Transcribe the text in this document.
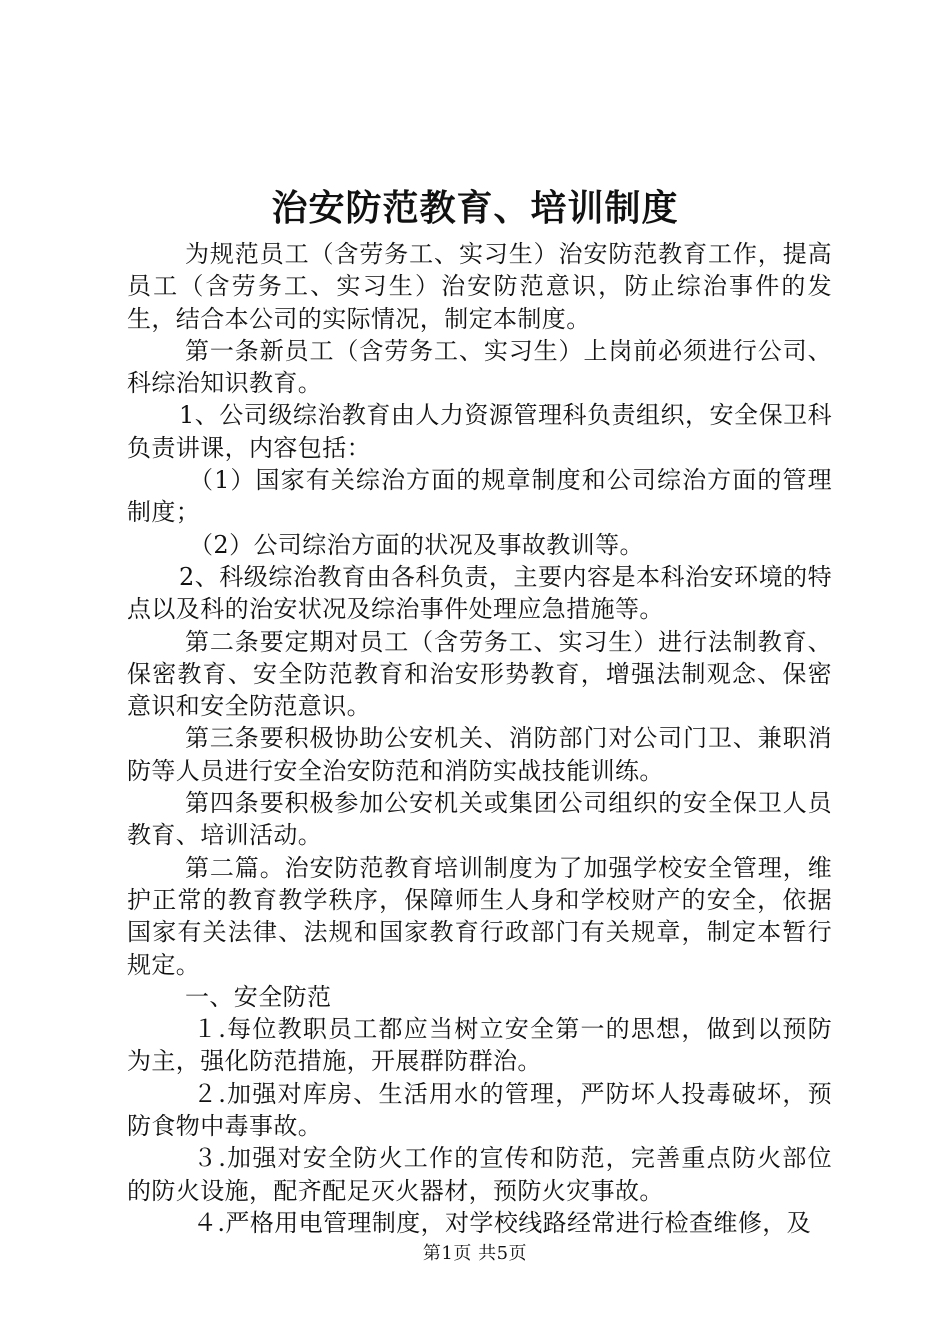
治安防范教育、培训制度

为规范员工（含劳务工、实习生）治安防范教育工作，提高员工（含劳务工、实习生）治安防范意识，防止综治事件的发生，结合本公司的实际情况，制定本制度。

第一条新员工（含劳务工、实习生）上岗前必须进行公司、科综治知识教育。

1、公司级综治教育由人力资源管理科负责组织，安全保卫科负责讲课，内容包括：

（1）国家有关综治方面的规章制度和公司综治方面的管理制度；

（2）公司综治方面的状况及事故教训等。

2、科级综治教育由各科负责，主要内容是本科治安环境的特点以及科的治安状况及综治事件处理应急措施等。

第二条要定期对员工（含劳务工、实习生）进行法制教育、保密教育、安全防范教育和治安形势教育，增强法制观念、保密意识和安全防范意识。

第三条要积极协助公安机关、消防部门对公司门卫、兼职消防等人员进行安全治安防范和消防实战技能训练。

第四条要积极参加公安机关或集团公司组织的安全保卫人员教育、培训活动。

第二篇。治安防范教育培训制度为了加强学校安全管理，维护正常的教育教学秩序，保障师生人身和学校财产的安全，依据国家有关法律、法规和国家教育行政部门有关规章，制定本暂行规定。

一、安全防范

１.每位教职员工都应当树立安全第一的思想，做到以预防为主，强化防范措施，开展群防群治。

２.加强对库房、生活用水的管理，严防坏人投毒破坏，预防食物中毒事故。

３.加强对安全防火工作的宣传和防范，完善重点防火部位的防火设施，配齐配足灭火器材，预防火灾事故。

４.严格用电管理制度，对学校线路经常进行检查维修，及

第1页 共5页
